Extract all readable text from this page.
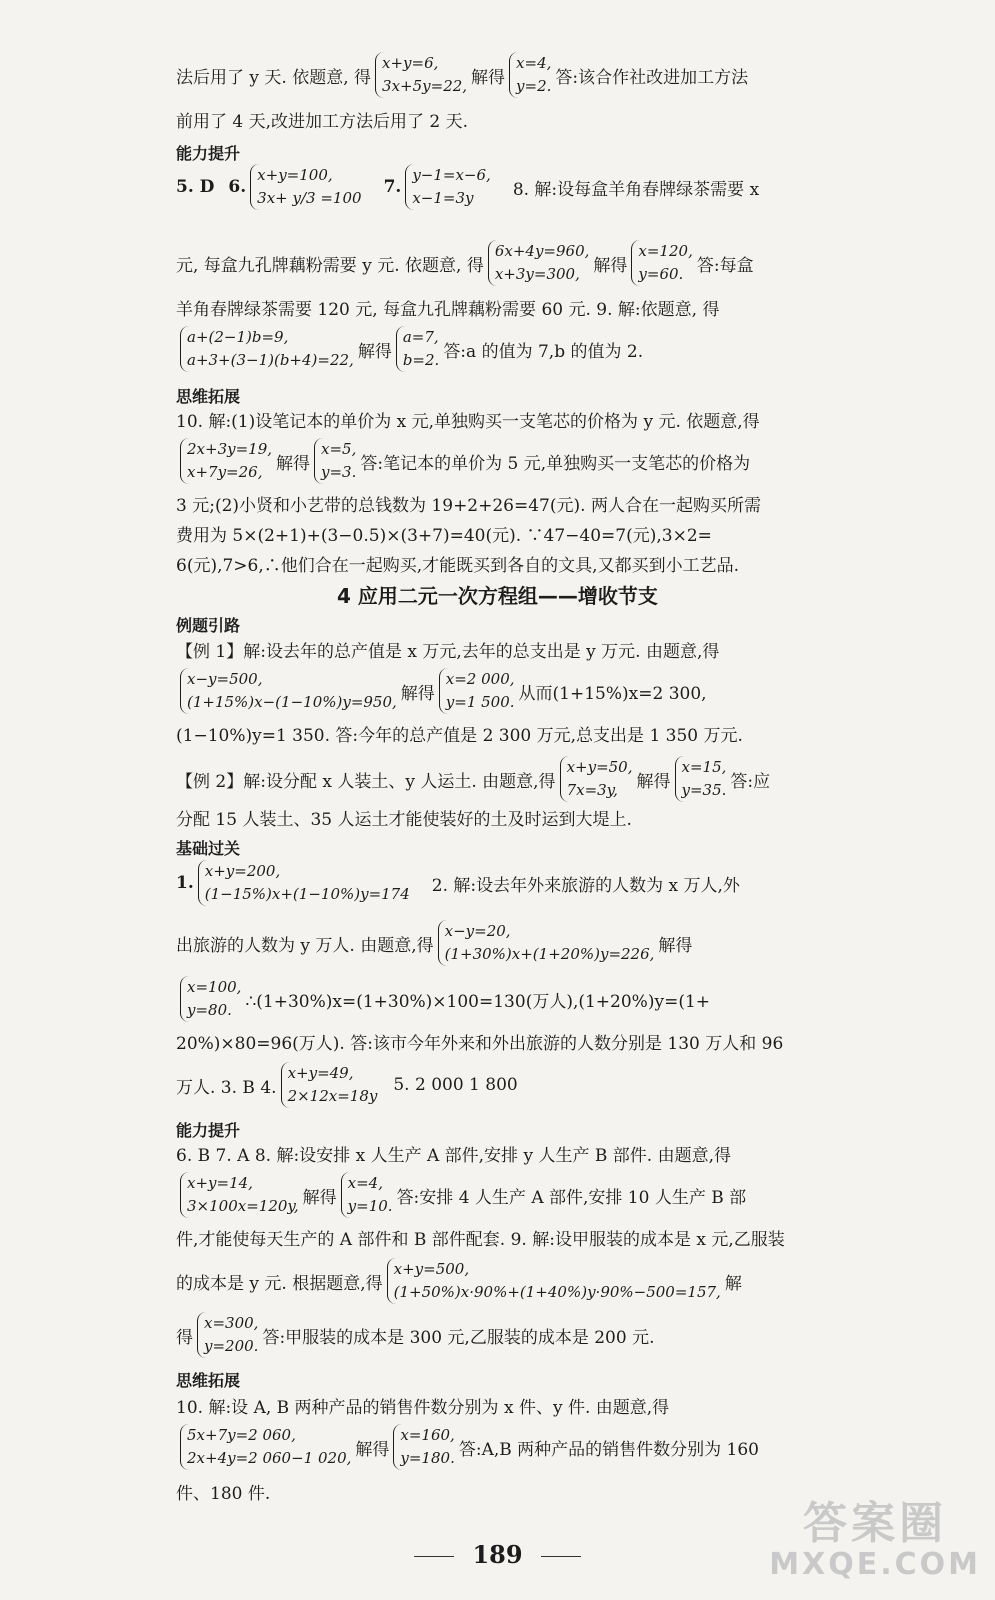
法后用了 y 天. 依题意, 得
x+y=6,
3x+5y=22, 解得
x=4,
y=2. 答:该合作社改进加工方法
前用了 4 天,改进加工方法后用了 2 天.
能力提升
5. D 6.
x+y=100,
3x+ y/3 =100
7.
y−1=x−6,
x−1=3y	8. 解:设每盒羊角春牌绿茶需要 x
元, 每盒九孔牌藕粉需要 y 元. 依题意, 得
6x+4y=960,
x+3y=300, 解得
x=120,
y=60. 答:每盒
羊角春牌绿茶需要 120 元, 每盒九孔牌藕粉需要 60 元. 9. 解:依题意, 得
a+(2−1)b=9,
a+3+(3−1)(b+4)=22, 解得
a=7,
b=2. 答:a 的值为 7,b 的值为 2.
思维拓展
10. 解:(1)设笔记本的单价为 x 元,单独购买一支笔芯的价格为 y 元. 依题意,得
2x+3y=19,
x+7y=26, 解得
x=5,
y=3. 答:笔记本的单价为 5 元,单独购买一支笔芯的价格为
3 元;(2)小贤和小艺带的总钱数为 19+2+26=47(元). 两人合在一起购买所需
费用为 5×(2+1)+(3−0.5)×(3+7)=40(元). ∵47−40=7(元),3×2=
6(元),7>6,∴他们合在一起购买,才能既买到各自的文具,又都买到小工艺品.
4 应用二元一次方程组——增收节支
例题引路
【例 1】解:设去年的总产值是 x 万元,去年的总支出是 y 万元. 由题意,得
x−y=500,
(1+15%)x−(1−10%)y=950, 解得
x=2 000,
y=1 500. 从而(1+15%)x=2 300,
(1−10%)y=1 350. 答:今年的总产值是 2 300 万元,总支出是 1 350 万元.
【例 2】解:设分配 x 人装土、y 人运土. 由题意,得
x+y=50,
7x=3y,	解得
x=15,
y=35. 答:应
分配 15 人装土、35 人运土才能使装好的土及时运到大堤上.
基础过关
1.
x+y=200,
(1−15%)x+(1−10%)y=174 2. 解:设去年外来旅游的人数为 x 万人,外
出旅游的人数为 y 万人. 由题意,得
x−y=20,
(1+30%)x+(1+20%)y=226, 解得
x=100,
y=80. ∴(1+30%)x=(1+30%)×100=130(万人),(1+20%)y=(1+
20%)×80=96(万人). 答:该市今年外来和外出旅游的人数分别是 130 万人和 96
万人. 3. B 4.
x+y=49,
2×12x=18y
5. 2 000 1 800
能力提升
6. B 7. A 8. 解:设安排 x 人生产 A 部件,安排 y 人生产 B 部件. 由题意,得
x+y=14,
3×100x=120y, 解得
x=4,
y=10. 答:安排 4 人生产 A 部件,安排 10 人生产 B 部
件,才能使每天生产的 A 部件和 B 部件配套. 9. 解:设甲服装的成本是 x 元,乙服装
的成本是 y 元. 根据题意,得
x+y=500,
(1+50%)x·90%+(1+40%)y·90%−500=157, 解
得
x=300,
y=200. 答:甲服装的成本是 300 元,乙服装的成本是 200 元.
思维拓展
10. 解:设 A, B 两种产品的销售件数分别为 x 件、y 件. 由题意,得
5x+7y=2 060,
2x+4y=2 060−1 020, 解得
x=160,
y=180. 答:A,B 两种产品的销售件数分别为 160
件、180 件.
189
答案圈
MXQE.COM
